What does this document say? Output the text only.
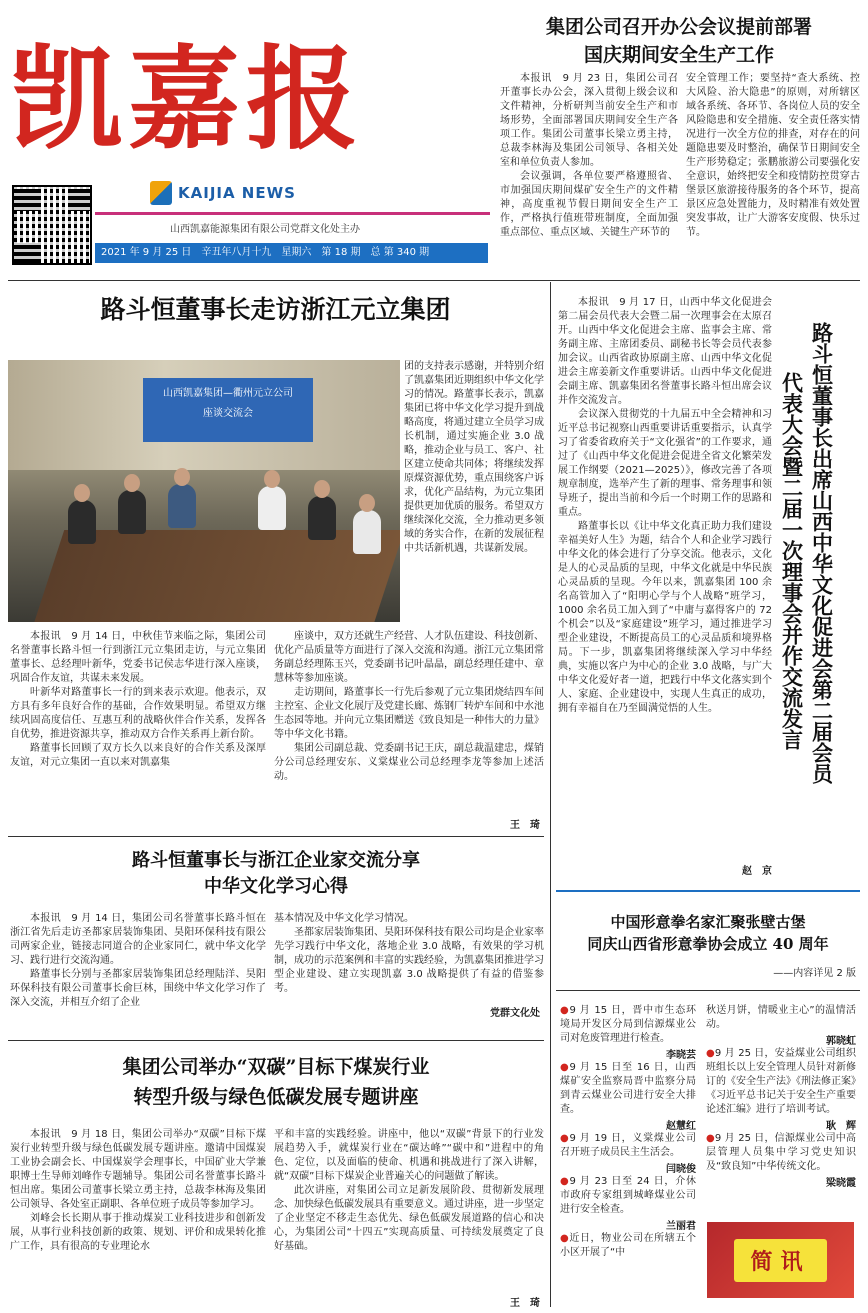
凯嘉报
KAIJIA NEWS
山西凯嘉能源集团有限公司党群文化处主办
2021 年 9 月 25 日　辛丑年八月十九　星期六　第 18 期　总 第 340 期
集团公司召开办公会议提前部署
国庆期间安全生产工作

本报讯　9 月 23 日，集团公司召开董事长办公会，深入贯彻上级会议和文件精神，分析研判当前安全生产和市场形势，全面部署国庆期间安全生产各项工作。集团公司董事长梁立勇主持，总裁李林海及集团公司领导、各相关处室和单位负责人参加。

会议强调，各单位要严格遵照省、市加强国庆期间煤矿安全生产的文件精神，高度重视节假日期间安全生产工作，严格执行值班带班制度，全面加强重点部位、重点区域、关键生产环节的

安全管理工作；要坚持“查大系统、控大风险、治大隐患”的原则，对所辖区域各系统、各环节、各岗位人员的安全风险隐患和安全措施、安全责任落实情况进行一次全方位的排查，对存在的问题隐患要及时整治，确保节日期间安全生产形势稳定；张鹏旅游公司要强化安全意识，始终把安全和疫情防控贯穿古堡景区旅游接待服务的各个环节，提高景区应急处置能力，及时精准有效处置突发事故，让广大游客安度假、快乐过节。

路斗恒董事长走访浙江元立集团
山西凯嘉集团—衢州元立公司
座谈交流会

团的支持表示感谢，并特别介绍了凯嘉集团近期组织中华文化学习的情况。路董事长表示，凯嘉集团已将中华文化学习提升到战略高度，将通过建立全员学习成长机制，通过实施企业 3.0 战略，推动企业与员工、客户、社区建立使命共同体；将继续发挥原煤资源优势，重点围绕客户诉求，优化产品结构，为元立集团提供更加优质的服务。希望双方继续深化交流，全力推动更多领域的务实合作，在新的发展征程中共话新机遇，共谋新发展。

本报讯　9 月 14 日，中秋佳节来临之际，集团公司名誉董事长路斗恒一行到浙江元立集团走访，与元立集团董事长、总经理叶新华，党委书记侯志华进行深入座谈，巩固合作友谊，共谋未来发展。

叶新华对路董事长一行的到来表示欢迎。他表示，双方具有多年良好合作的基础，合作效果明显。希望双方继续巩固高度信任、互惠互利的战略伙伴合作关系，发挥各自优势，推进资源共享，推动双方合作关系再上新台阶。

路董事长回顾了双方长久以来良好的合作关系及深厚友谊，对元立集团一直以来对凯嘉集

座谈中，双方还就生产经营、人才队伍建设、科技创新、优化产品质量等方面进行了深入交流和沟通。浙江元立集团常务副总经理陈玉兴，党委副书记叶晶晶，副总经理任建中、章慧林等参加座谈。

走访期间，路董事长一行先后参观了元立集团烧结四车间主控室、企业文化展厅及党建长廊、炼钢厂转炉车间和中水池生态园等地。并向元立集团赠送《致良知是一种伟大的力量》等中华文化书籍。

集团公司副总裁、党委副书记王庆，副总裁温建忠，煤销分公司总经理安东、义棠煤业公司总经理李龙等参加上述活动。

王　琦
路斗恒董事长与浙江企业家交流分享
中华文化学习心得

本报讯　9 月 14 日，集团公司名誉董事长路斗恒在浙江省先后走访圣都家居装饰集团、昊阳环保科技有限公司两家企业，链接志同道合的企业家同仁，就中华文化学习、践行进行交流沟通。

路董事长分别与圣都家居装饰集团总经理陆洋、昊阳环保科技有限公司董事长俞巨林，围绕中华文化学习作了深入交流，并相互介绍了企业

基本情况及中华文化学习情况。

圣都家居装饰集团、昊阳环保科技有限公司均是企业家率先学习践行中华文化，落地企业 3.0 战略，有效果的学习机制，成功的示范案例和丰富的实践经验，为凯嘉集团推进学习型企业建设、建立实现凯嘉 3.0 战略提供了有益的借鉴参考。

党群文化处
集团公司举办“双碳”目标下煤炭行业
转型升级与绿色低碳发展专题讲座

本报讯　9 月 18 日，集团公司举办“双碳”目标下煤炭行业转型升级与绿色低碳发展专题讲座。邀请中国煤炭工业协会副会长、中国煤炭学会理事长，中国矿业大学兼职博士生导师刘峰作专题辅导。集团公司名誉董事长路斗恒出席。集团公司董事长梁立勇主持，总裁李林海及集团公司领导、各处室正副职、各单位班子成员等参加学习。

刘峰会长长期从事于推动煤炭工业科技进步和创新发展，从事行业科技创新的政策、规划、评价和成果转化推广工作，具有很高的专业理论水

平和丰富的实践经验。讲座中，他以“双碳”背景下的行业发展趋势入手，就煤炭行业在“碳达峰”“碳中和”进程中的角色、定位，以及面临的使命、机遇和挑战进行了深入讲解，就“双碳”目标下煤炭企业普遍关心的问题做了解读。

此次讲座，对集团公司立足新发展阶段、贯彻新发展理念、加快绿色低碳发展具有重要意义。通过讲座，进一步坚定了企业坚定不移走生态优先、绿色低碳发展道路的信心和决心，为集团公司“十四五”实现高质量、可持续发展奠定了良好基础。

王　琦

本报讯　9 月 17 日，山西中华文化促进会第二届会员代表大会暨二届一次理事会在太原召开。山西中华文化促进会主席、监事会主席、常务副主席、主席团委员、副秘书长等会员代表参加会议。山西省政协原副主席、山西中华文化促进会主席姜新文作重要讲话。山西中华文化促进会副主席、凯嘉集团名誉董事长路斗恒出席会议并作交流发言。

会议深入贯彻党的十九届五中全会精神和习近平总书记视察山西重要讲话重要指示，认真学习了省委省政府关于“文化强省”的工作要求，通过了《山西中华文化促进会促进全省文化繁荣发展工作纲要（2021—2025）》，修改完善了各项规章制度，选举产生了新的理事、常务理事和领导班子，提出当前和今后一个时期工作的思路和重点。

路董事长以《让中华文化真正助力我们建设幸福美好人生》为题，结合个人和企业学习践行中华文化的体会进行了分享交流。他表示，文化是人的心灵品质的呈现，中华文化就是中华民族心灵品质的呈现。今年以来，凯嘉集团 100 余名高管加入了“阳明心学与个人战略”班学习，1000 余名员工加入到了“中庸与嘉得客户的 72 个机会”以及“家庭建设”班学习，通过推进学习型企业建设，不断提高员工的心灵品质和境界格局。下一步，凯嘉集团将继续深入学习中华经典，实施以客户为中心的企业 3.0 战略，与广大中华文化爱好者一道，把践行中华文化落实到个人、家庭、企业建设中，实现人生真正的成功，拥有幸福自在乃至圆满觉悟的人生。

赵　京
路斗恒董事长出席山西中华文化促进会第二届会员
代表大会暨二届一次理事会并作交流发言
中国形意拳名家汇聚张壁古堡
同庆山西省形意拳协会成立 40 周年
——内容详见 2 版
●9 月 15 日，晋中市生态环境局开发区分局到信源煤业公司对危废管理进行检查。
李晓芸
●9 月 15 日至 16 日，山西煤矿安全监察局晋中监察分局到青云煤业公司进行安全大排查。
赵慧红
●9 月 19 日，义棠煤业公司召开班子成员民主生活会。
闫晓俊
●9 月 23 日至 24 日，介休市政府专家组到城峰煤业公司进行安全检查。
兰丽君
●近日，物业公司在所辖五个小区开展了“中
秋送月饼，情暖业主心”的温情活动。
郭晓虹
●9 月 25 日，安益煤业公司组织班组长以上安全管理人员针对新修订的《安全生产法》《刑法修正案》《习近平总书记关于安全生产重要论述汇编》进行了培训考试。
耿　辉
●9 月 25 日，信源煤业公司中高层管理人员集中学习党史知识及“致良知”中华传统文化。
梁晓霞
简讯
